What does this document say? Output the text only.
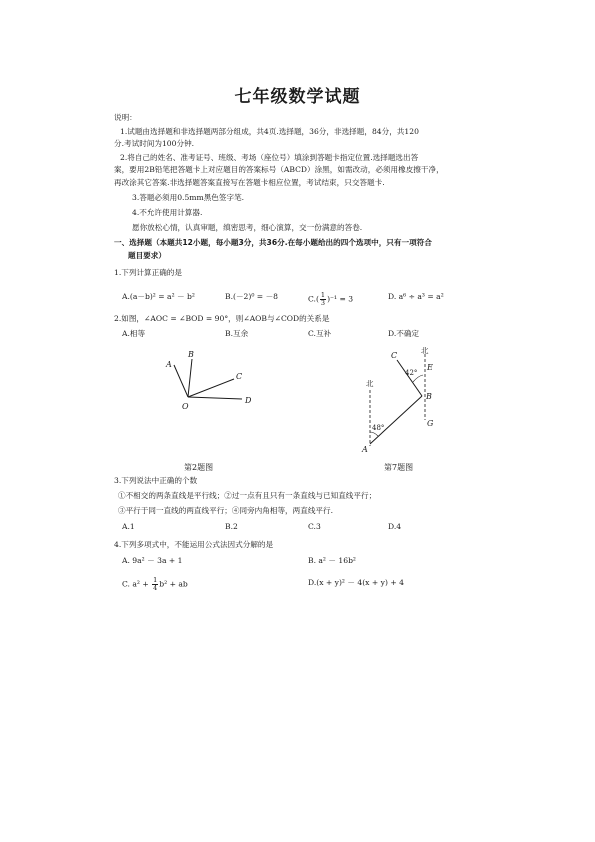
七年级数学试题
说明：
1.试题由选择题和非选择题两部分组成，共4页.选择题，36分，非选择题，84分，共120
分.考试时间为100分钟.
2.将自己的姓名、准考证号、班级、考场（座位号）填涂到答题卡指定位置.选择题选出答
案，要用2B铅笔把答题卡上对应题目的答案标号（ABCD）涂黑，如需改动，必须用橡皮擦干净，
再改涂其它答案.非选择题答案直接写在答题卡相应位置，考试结束，只交答题卡.
3.答题必须用0.5mm黑色签字笔.
4.不允许使用计算器.
愿你放松心情，认真审题，缜密思考，细心演算，交一份满意的答卷.
一、选择题（本题共12小题，每小题3分，共36分.在每小题给出的四个选项中，只有一项符合
题目要求）
1.下列计算正确的是
A.(a－b)² = a² － b²	B.(－2)⁰ = －8	$C.( \frac{1}{3} )^{-1} = 3$	D. a⁶ ÷ a³ = a²
2.如图，∠AOC = ∠BOD = 90°，则∠AOB与∠COD的关系是
A.相等	B.互余	C.互补	D.不确定
A
B
C
O
D
第2题图
北
北
42°
48°
C
E
B
G
A
第7题图
3.下列说法中正确的个数
①不相交的两条直线是平行线；②过一点有且只有一条直线与已知直线平行；
③平行于同一直线的两直线平行；④同旁内角相等，两直线平行.
A.1	B.2	C.3	D.4
4.下列多项式中，不能运用公式法因式分解的是
A. 9a² － 3a + 1	B. a² － 16b²
C. $a^2 + \frac{1}{4} b^2$ + ab	D.(x + y)² － 4(x + y) + 4
